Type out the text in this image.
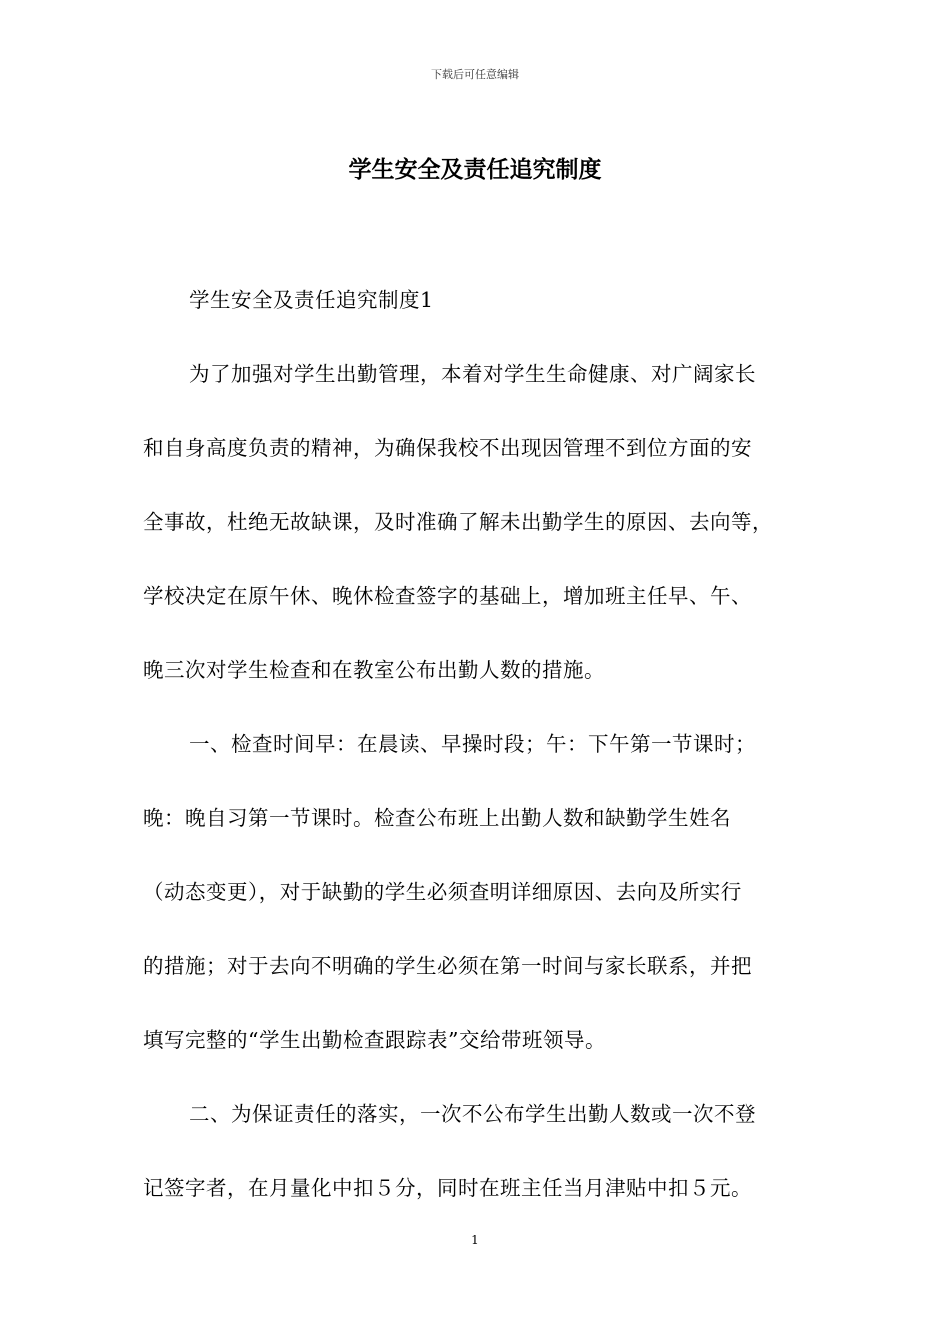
下载后可任意编辑
学生安全及责任追究制度
学生安全及责任追究制度1
为了加强对学生出勤管理，本着对学生生命健康、对广阔家长
和自身高度负责的精神，为确保我校不出现因管理不到位方面的安
全事故，杜绝无故缺课，及时准确了解未出勤学生的原因、去向等，
学校决定在原午休、晚休检查签字的基础上，增加班主任早、午、
晚三次对学生检查和在教室公布出勤人数的措施。
一、检查时间早：在晨读、早操时段；午：下午第一节课时；
晚：晚自习第一节课时。检查公布班上出勤人数和缺勤学生姓名
（动态变更），对于缺勤的学生必须查明详细原因、去向及所实行
的措施；对于去向不明确的学生必须在第一时间与家长联系，并把
填写完整的“学生出勤检查跟踪表”交给带班领导。
二、为保证责任的落实，一次不公布学生出勤人数或一次不登
记签字者，在月量化中扣５分，同时在班主任当月津贴中扣５元。
1
